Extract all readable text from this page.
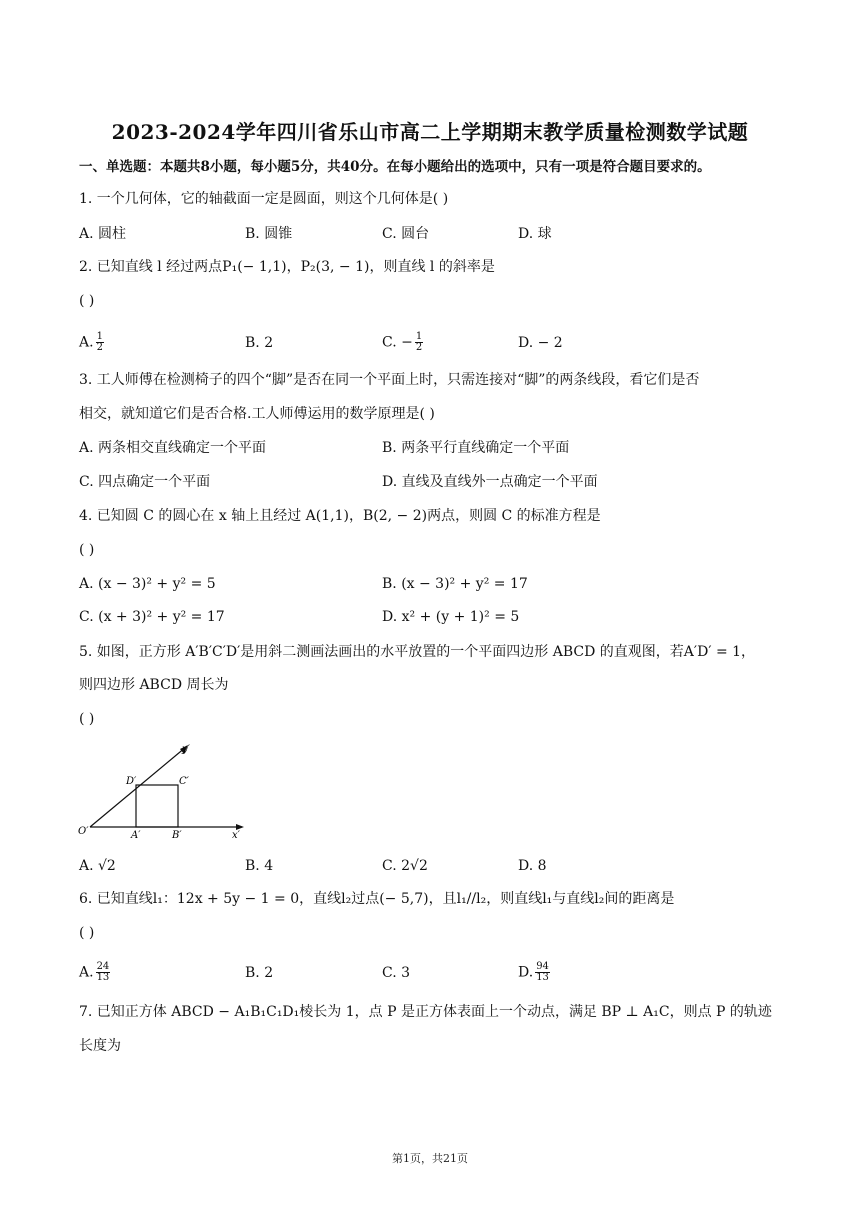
2023-2024学年四川省乐山市高二上学期期末教学质量检测数学试题
一、单选题：本题共8小题，每小题5分，共40分。在每小题给出的选项中，只有一项是符合题目要求的。
1. 一个几何体，它的轴截面一定是圆面，则这个几何体是( )
A. 圆柱	B. 圆锥	C. 圆台	D. 球
2. 已知直线 l 经过两点P₁(− 1,1)，P₂(3, − 1)，则直线 l 的斜率是
( )
A. $\frac{1}{2}$	B. 2	C. − $\frac{1}{2}$	D. − 2
3. 工人师傅在检测椅子的四个“脚”是否在同一个平面上时，只需连接对“脚”的两条线段，看它们是否
相交，就知道它们是否合格.工人师傅运用的数学原理是( )
A. 两条相交直线确定一个平面	B. 两条平行直线确定一个平面
C. 四点确定一个平面	D. 直线及直线外一点确定一个平面
4. 已知圆 C 的圆心在 x 轴上且经过 A(1,1)，B(2, − 2)两点，则圆 C 的标准方程是
( )
A. (x − 3)² + y² = 5	B. (x − 3)² + y² = 17
C. (x + 3)² + y² = 17	D. x² + (y + 1)² = 5
5. 如图，正方形 A′B′C′D′是用斜二测画法画出的水平放置的一个平面四边形 ABCD 的直观图，若A′D′ = 1，
则四边形 ABCD 周长为
( )
y′
x′
O′	A′	B′
C′
D′
A. √2	B. 4	C. 2√2	D. 8
6. 已知直线l₁：12x + 5y − 1 = 0，直线l₂过点(− 5,7)，且l₁//l₂，则直线l₁与直线l₂间的距离是
( )
A. $\frac{24}{13}$	B. 2	C. 3	D. $\frac{94}{13}$
7. 已知正方体 ABCD − A₁B₁C₁D₁棱长为 1，点 P 是正方体表面上一个动点，满足 BP ⊥ A₁C，则点 P 的轨迹
长度为
第1页，共21页
